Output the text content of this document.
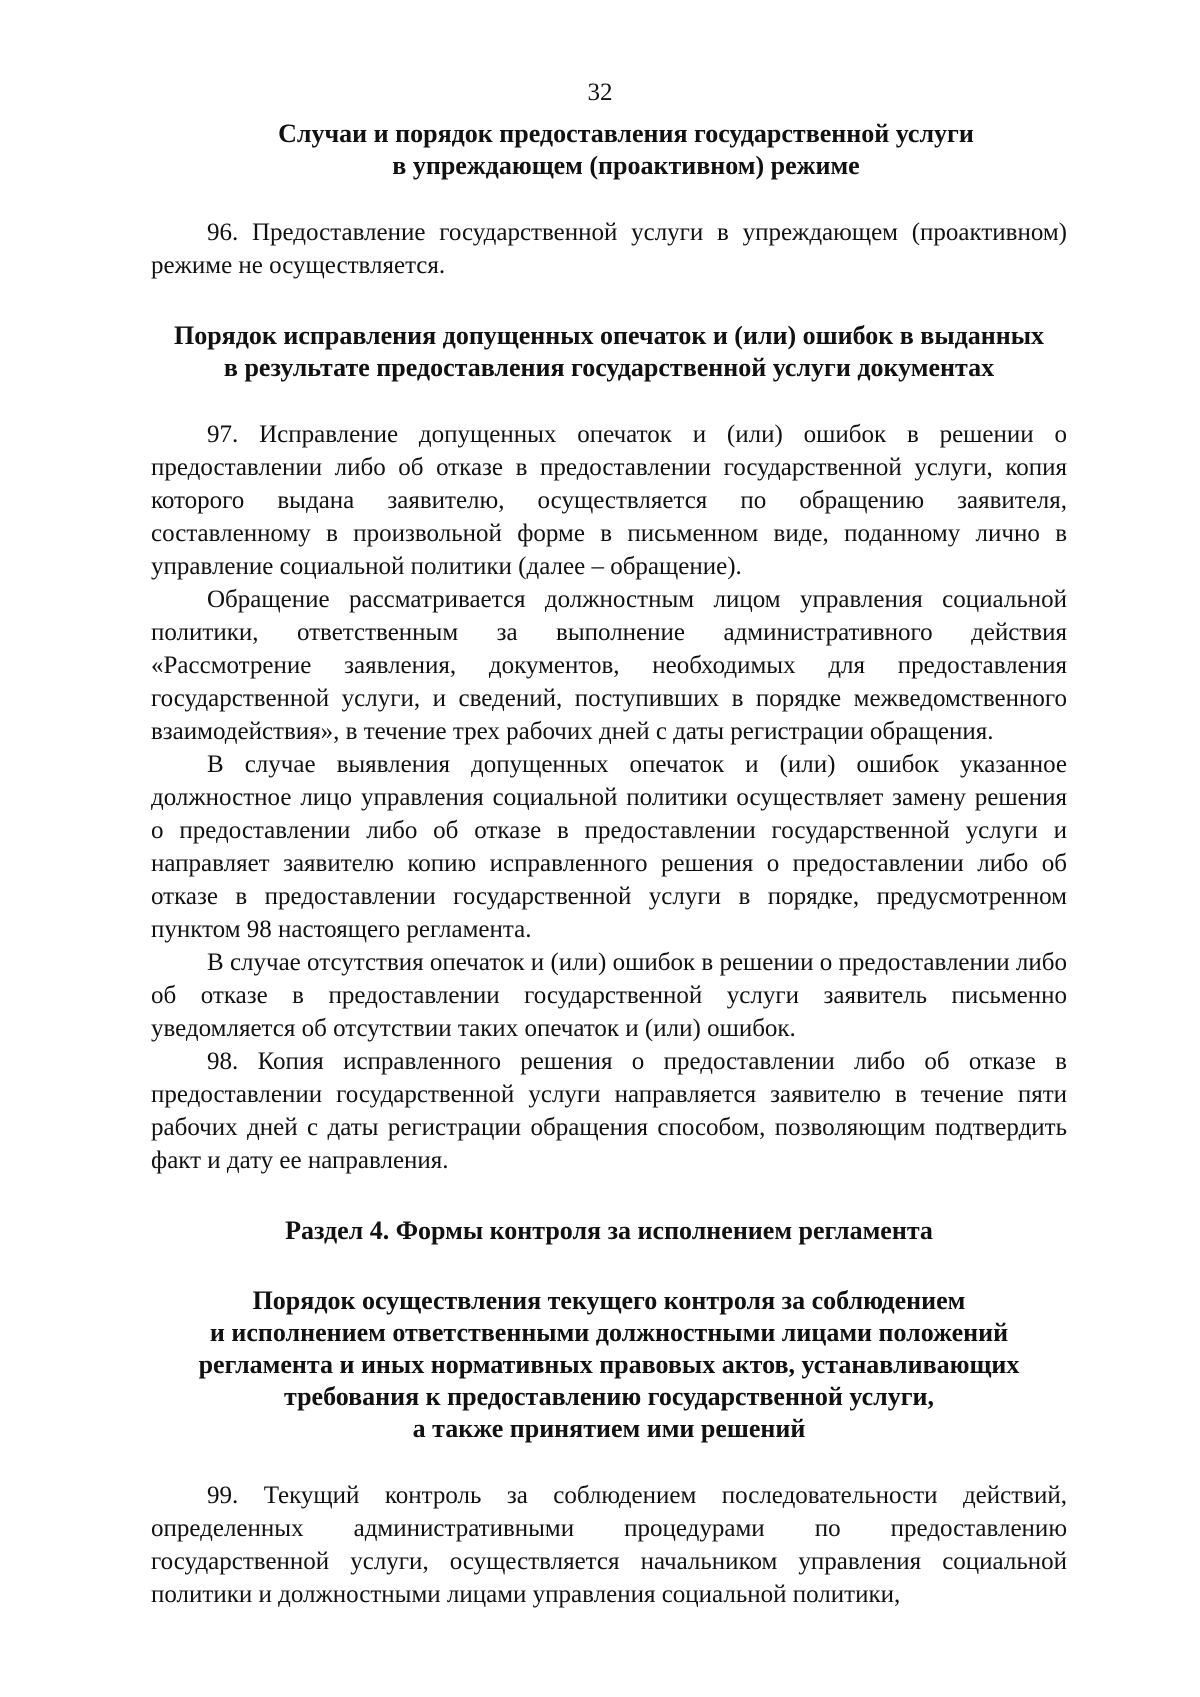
32
Случаи и порядок предоставления государственной услуги
в упреждающем (проактивном) режиме

96. Предоставление государственной услуги в упреждающем (проактивном) режиме не осуществляется.

Порядок исправления допущенных опечаток и (или) ошибок в выданных
в результате предоставления государственной услуги документах

97. Исправление допущенных опечаток и (или) ошибок в решении о предоставлении либо об отказе в предоставлении государственной услуги, копия которого выдана заявителю, осуществляется по обращению заявителя, составленному в произвольной форме в письменном виде, поданному лично в управление социальной политики (далее – обращение).

Обращение рассматривается должностным лицом управления социальной политики, ответственным за выполнение административного действия «Рассмотрение заявления, документов, необходимых для предоставления государственной услуги, и сведений, поступивших в порядке межведомственного взаимодействия», в течение трех рабочих дней с даты регистрации обращения.

В случае выявления допущенных опечаток и (или) ошибок указанное должностное лицо управления социальной политики осуществляет замену решения о предоставлении либо об отказе в предоставлении государственной услуги и направляет заявителю копию исправленного решения о предоставлении либо об отказе в предоставлении государственной услуги в порядке, предусмотренном пунктом 98 настоящего регламента.

В случае отсутствия опечаток и (или) ошибок в решении о предоставлении либо об отказе в предоставлении государственной услуги заявитель письменно уведомляется об отсутствии таких опечаток и (или) ошибок.

98. Копия исправленного решения о предоставлении либо об отказе в предоставлении государственной услуги направляется заявителю в течение пяти рабочих дней с даты регистрации обращения способом, позволяющим подтвердить факт и дату ее направления.

Раздел 4. Формы контроля за исполнением регламента
Порядок осуществления текущего контроля за соблюдением
и исполнением ответственными должностными лицами положений
регламента и иных нормативных правовых актов, устанавливающих
требования к предоставлению государственной услуги,
а также принятием ими решений

99. Текущий контроль за соблюдением последовательности действий, определенных административными процедурами по предоставлению государственной услуги, осуществляется начальником управления социальной политики и должностными лицами управления социальной политики,
